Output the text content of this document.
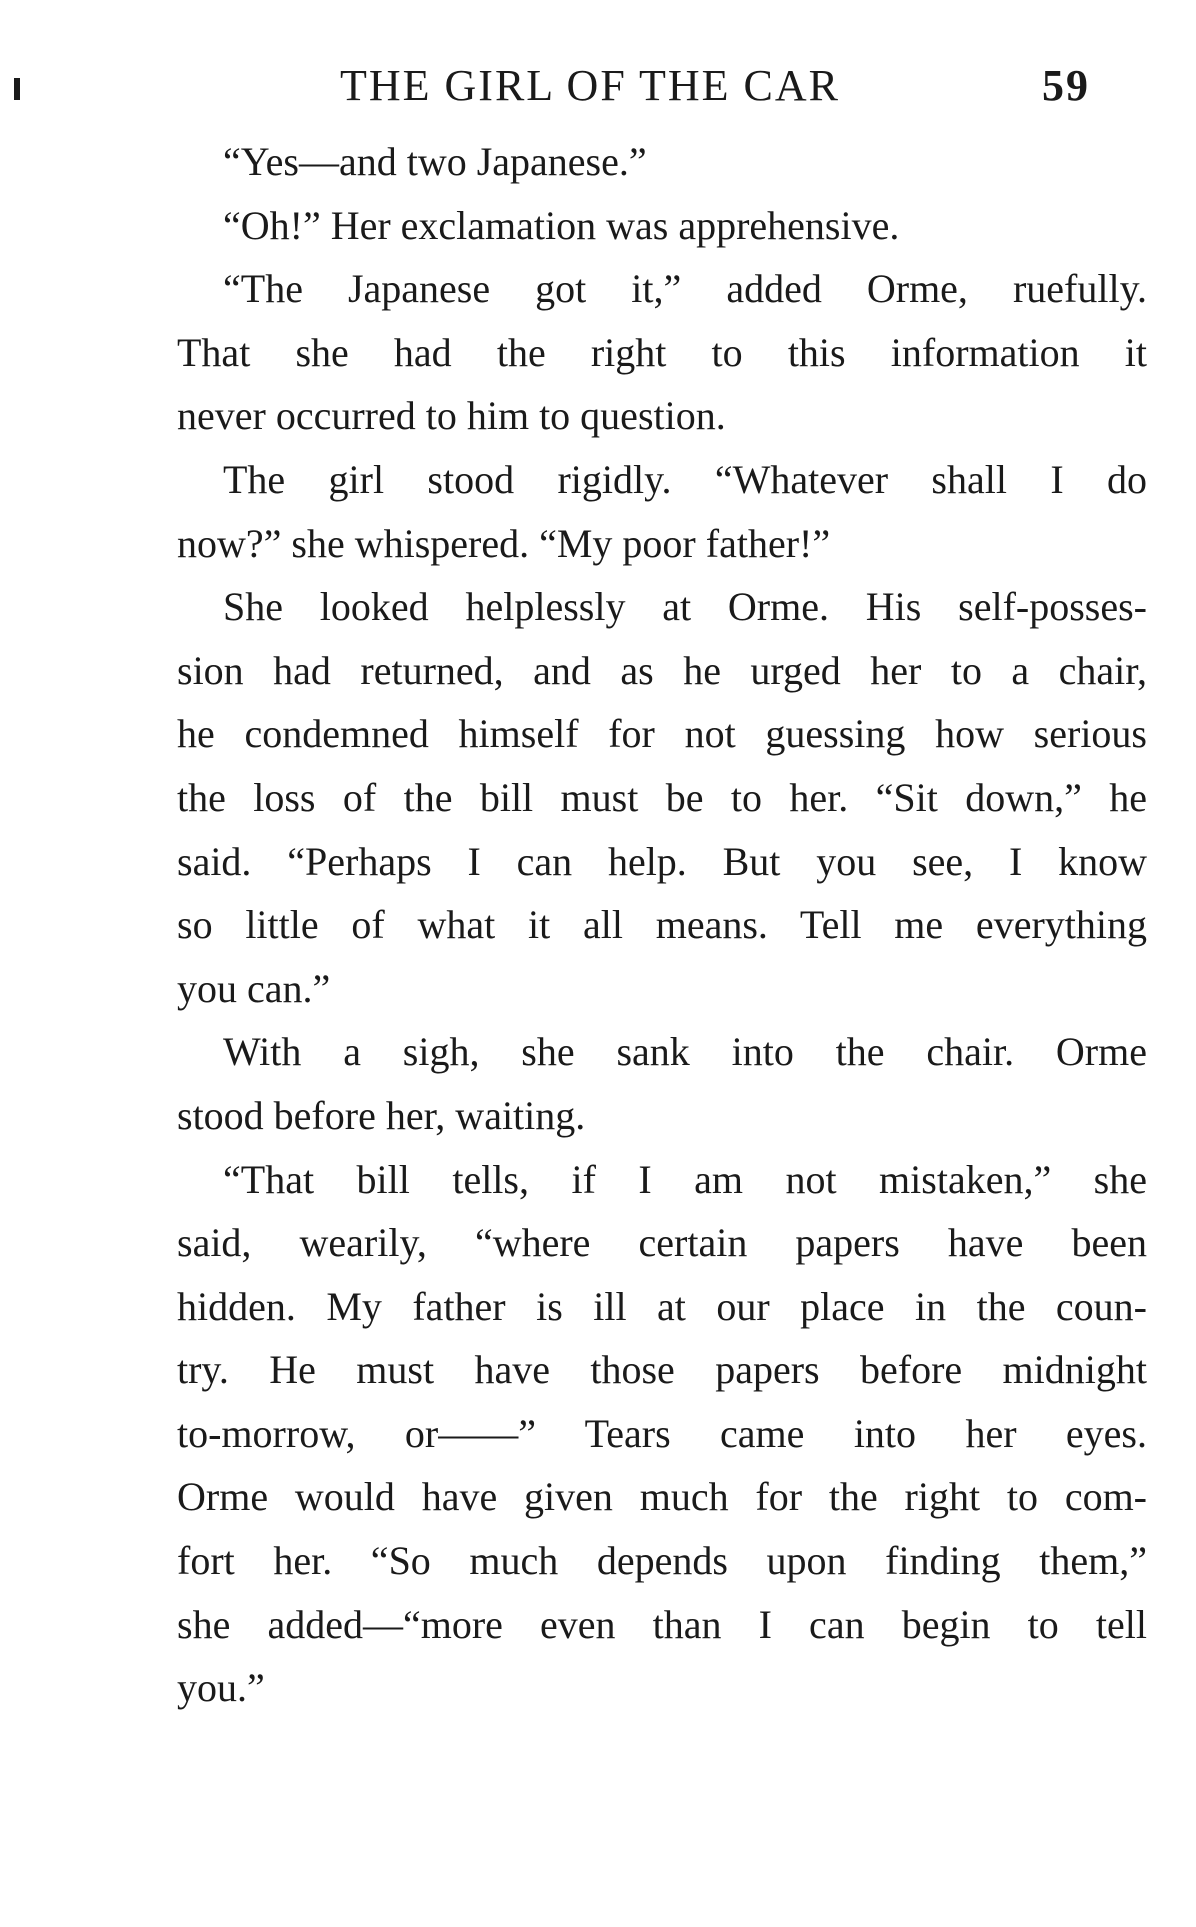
THE GIRL OF THE CAR	59
“Yes—and two Japanese.”
“Oh!” Her exclamation was apprehensive.
“The Japanese got it,” added Orme, ruefully.
That she had the right to this information it
never occurred to him to question.
The girl stood rigidly. “Whatever shall I do
now?” she whispered. “My poor father!”
She looked helplessly at Orme. His self-posses-
sion had returned, and as he urged her to a chair,
he condemned himself for not guessing how serious
the loss of the bill must be to her. “Sit down,” he
said. “Perhaps I can help. But you see, I know
so little of what it all means. Tell me everything
you can.”
With a sigh, she sank into the chair. Orme
stood before her, waiting.
“That bill tells, if I am not mistaken,” she
said, wearily, “where certain papers have been
hidden. My father is ill at our place in the coun-
try. He must have those papers before midnight
to-morrow, or——” Tears came into her eyes.
Orme would have given much for the right to com-
fort her. “So much depends upon finding them,”
she added—“more even than I can begin to tell
you.”
